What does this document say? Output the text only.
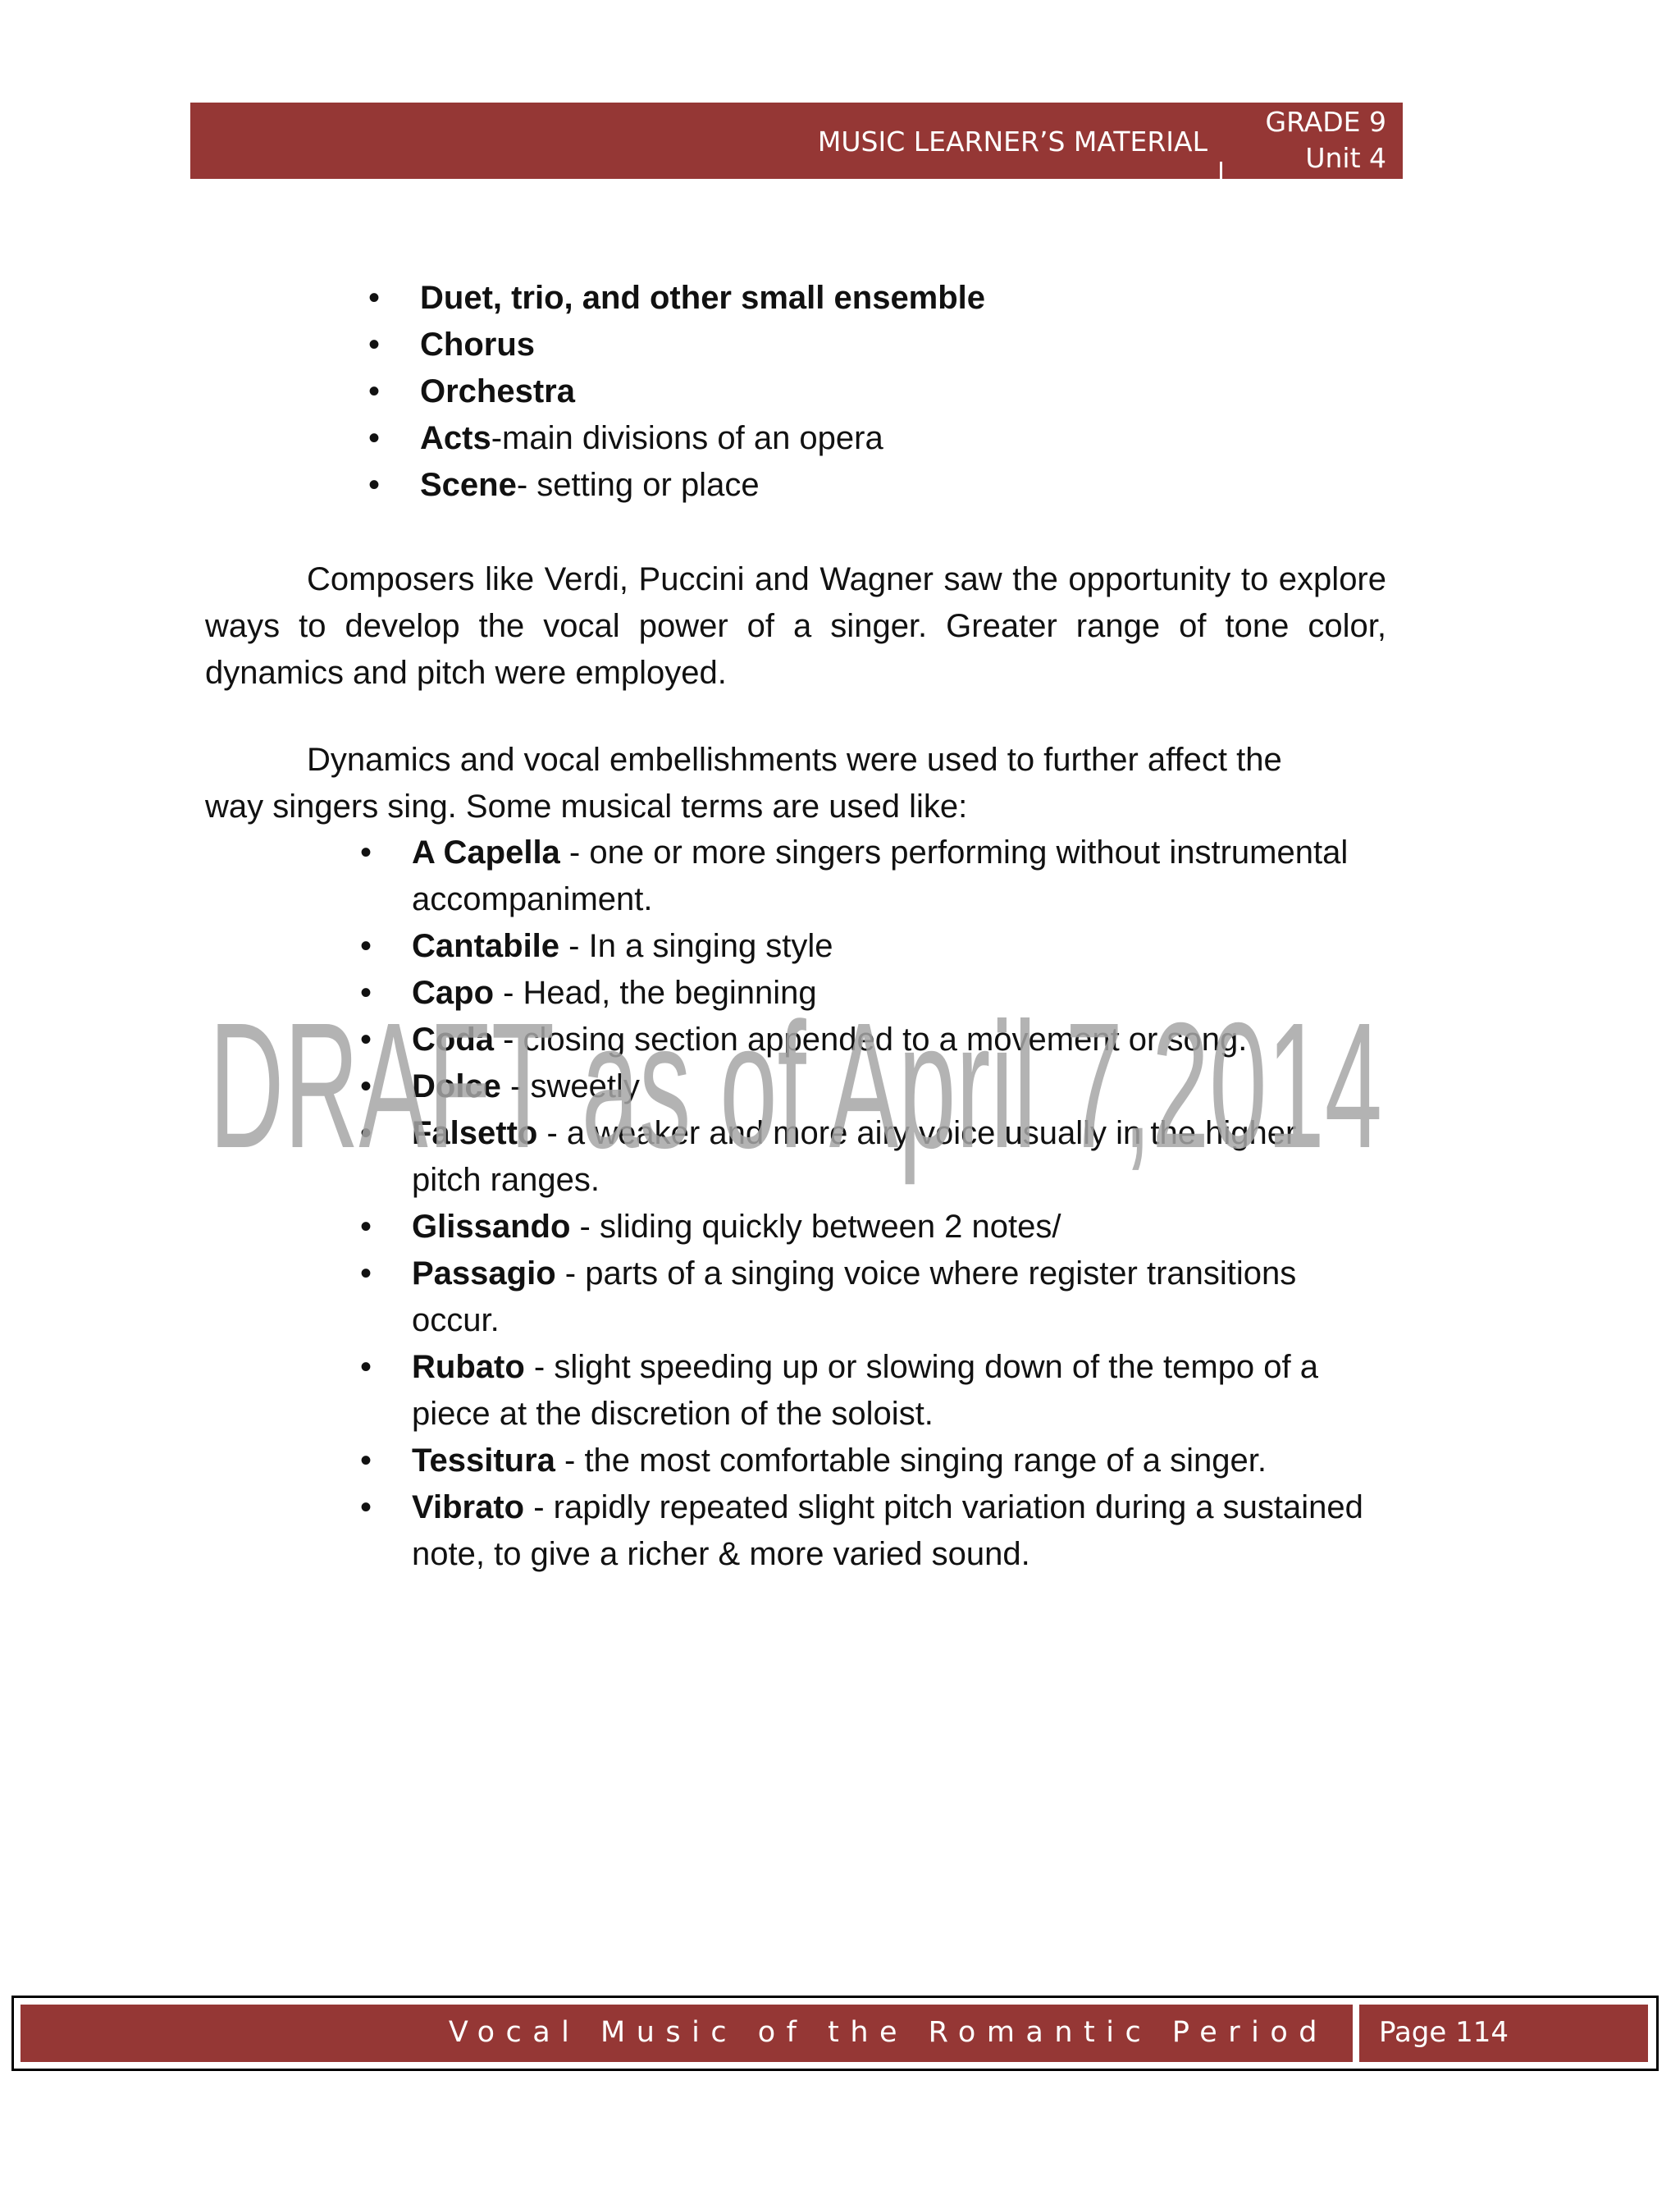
MUSIC LEARNER’S MATERIAL
GRADE 9
Unit 4
• Duet, trio, and other small ensemble
• Chorus
• Orchestra
• Acts-main divisions of an opera
• Scene- setting or place
Composers like Verdi, Puccini and Wagner saw the opportunity to explore ways to develop the vocal power of a singer. Greater range of tone color, dynamics and pitch were employed.
Dynamics and vocal embellishments were used to further affect the
way singers sing. Some musical terms are used like:
• A Capella - one or more singers performing without instrumental accompaniment.
• Cantabile - In a singing style
• Capo - Head, the beginning
• Coda - closing section appended to a movement or song.
• Dolce - sweetly
• Falsetto - a weaker and more airy voice usually in the higher pitch ranges.
• Glissando - sliding quickly between 2 notes/
• Passagio - parts of a singing voice where register transitions occur.
• Rubato - slight speeding up or slowing down of the tempo of a piece at the discretion of the soloist.
• Tessitura - the most comfortable singing range of a singer.
• Vibrato - rapidly repeated slight pitch variation during a sustained note, to give a richer & more varied sound.
DRAFT as of April 7,2014
Vocal Music of the Romantic Period Page 114
